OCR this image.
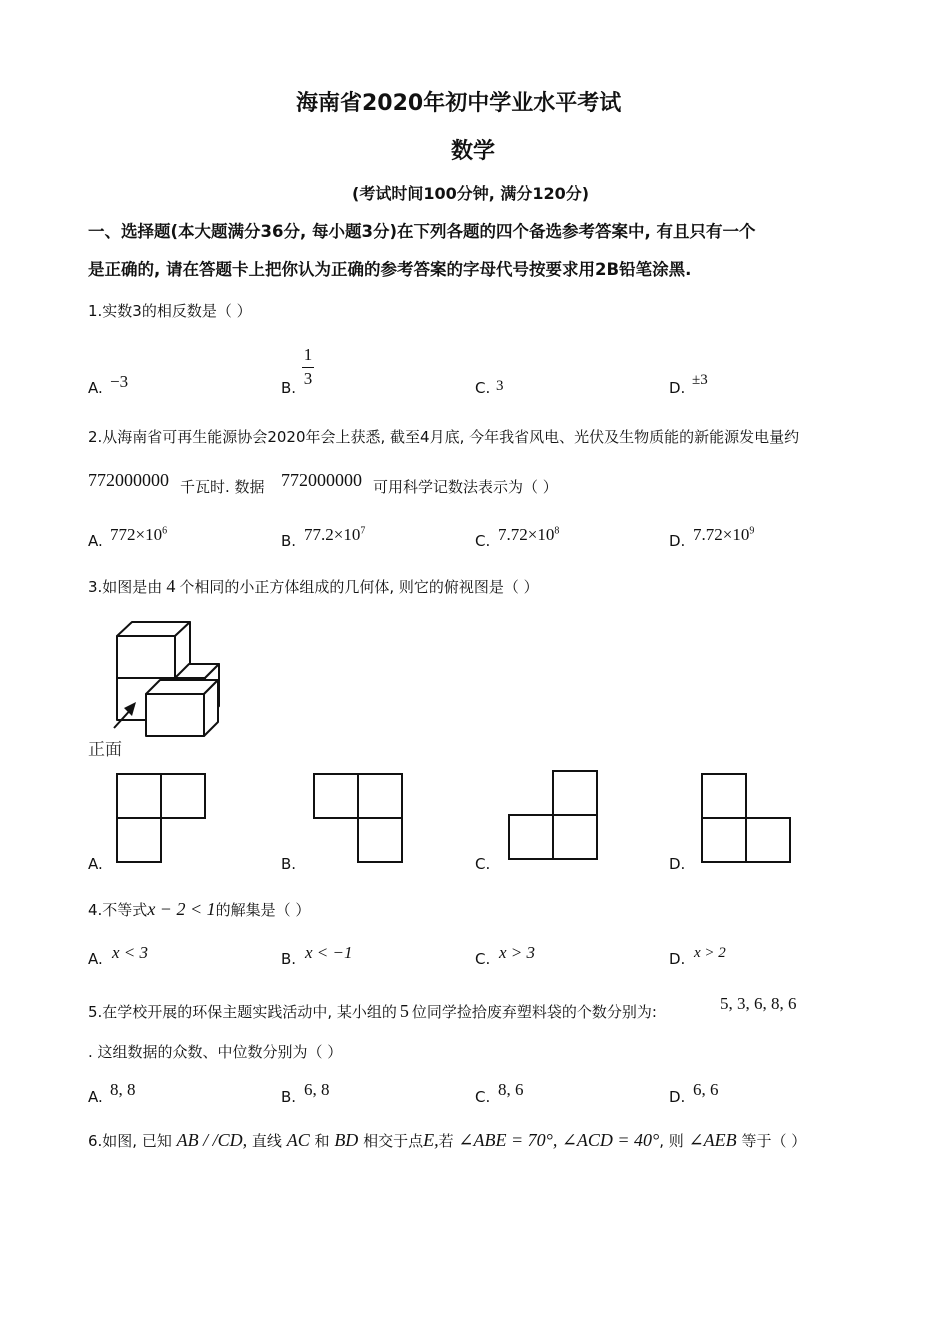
海南省2020年初中学业水平考试
数学
(考试时间100分钟, 满分120分)
一、选择题(本大题满分36分, 每小题3分)在下列各题的四个备选参考答案中, 有且只有一个
是正确的, 请在答题卡上把你认为正确的参考答案的字母代号按要求用2B铅笔涂黑.
1.实数3的相反数是（ ）
A. −3	B.
1
3	C. 3	D. ±3
2.从海南省可再生能源协会2020年会上获悉, 截至4月底, 今年我省风电、光伏及生物质能的新能源发电量约
772000000 千瓦时. 数据 772000000 可用科学记数法表示为（ ）
A. $772\times 10^6$
B. $77.2\times 10^7$
C. $7.72\times 10^8$
D. $7.72\times 10^9$
3.如图是由 4 个相同的小正方体组成的几何体, 则它的俯视图是（ ）
正面
A.	B.	C.	D.
4.不等式x − 2 < 1的解集是（ ）
A. x < 3	B. x < −1	C. x > 3	D. x > 2
5.在学校开展的环保主题实践活动中, 某小组的 5 位同学捡拾废弃塑料袋的个数分别为:	5, 3, 6, 8, 6
. 这组数据的众数、中位数分别为（ ）
A. 8, 8	B. 6, 8	C. 8, 6	D. 6, 6
6.如图, 已知 AB / /CD, 直线 AC 和 BD 相交于点E,若 ∠ABE = 70°, ∠ACD = 40°, 则 ∠AEB 等于（ ）
